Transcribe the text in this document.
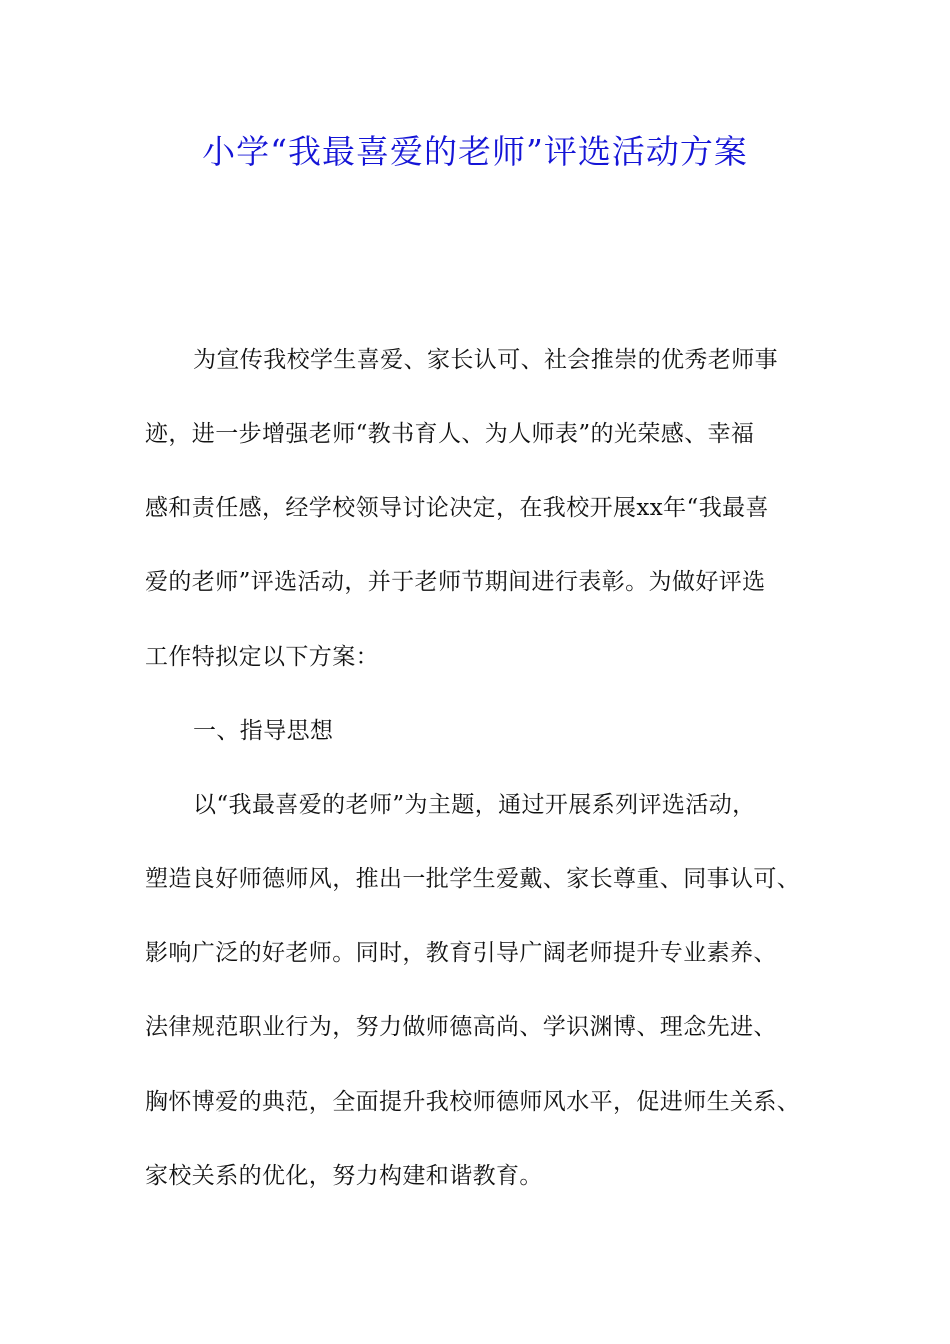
小学“我最喜爱的老师”评选活动方案
为宣传我校学生喜爱、家长认可、社会推崇的优秀老师事
迹，进一步增强老师“教书育人、为人师表”的光荣感、幸福
感和责任感，经学校领导讨论决定，在我校开展xx年“我最喜
爱的老师”评选活动，并于老师节期间进行表彰。为做好评选
工作特拟定以下方案：
一、指导思想
以“我最喜爱的老师”为主题，通过开展系列评选活动，
塑造良好师德师风，推出一批学生爱戴、家长尊重、同事认可、
影响广泛的好老师。同时，教育引导广阔老师提升专业素养、
法律规范职业行为，努力做师德高尚、学识渊博、理念先进、
胸怀博爱的典范，全面提升我校师德师风水平，促进师生关系、
家校关系的优化，努力构建和谐教育。
